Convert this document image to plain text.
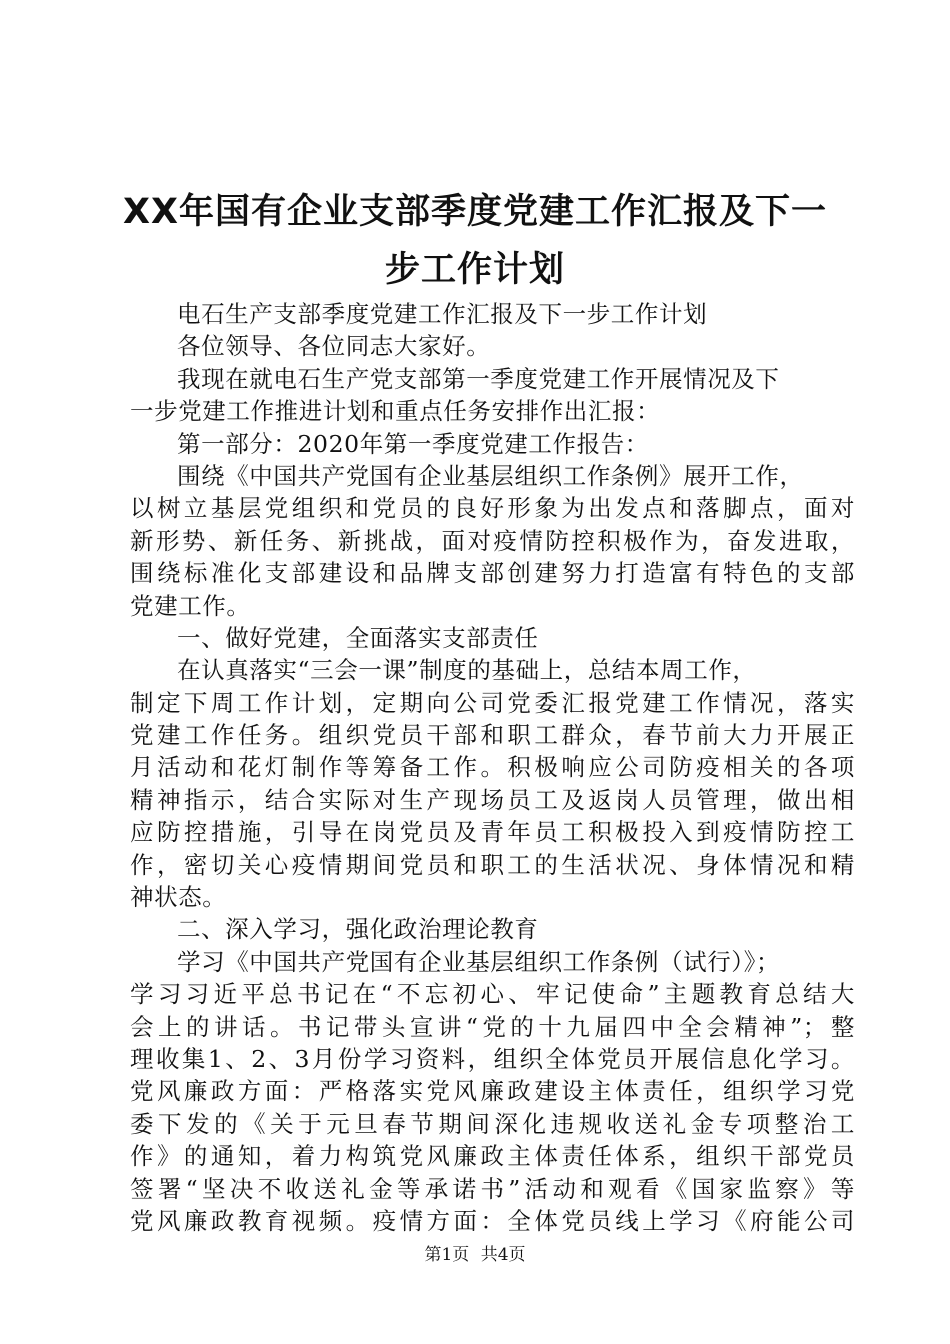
XX年国有企业支部季度党建工作汇报及下一
步工作计划
电石生产支部季度党建工作汇报及下一步工作计划
各位领导、各位同志大家好。
我现在就电石生产党支部第一季度党建工作开展情况及下
一步党建工作推进计划和重点任务安排作出汇报：
第一部分：2020年第一季度党建工作报告：
围绕《中国共产党国有企业基层组织工作条例》展开工作，
以树立基层党组织和党员的良好形象为出发点和落脚点，面对
新形势、新任务、新挑战，面对疫情防控积极作为，奋发进取，
围绕标准化支部建设和品牌支部创建努力打造富有特色的支部
党建工作。
一、做好党建，全面落实支部责任
在认真落实“三会一课”制度的基础上，总结本周工作，
制定下周工作计划，定期向公司党委汇报党建工作情况，落实
党建工作任务。组织党员干部和职工群众，春节前大力开展正
月活动和花灯制作等筹备工作。积极响应公司防疫相关的各项
精神指示，结合实际对生产现场员工及返岗人员管理，做出相
应防控措施，引导在岗党员及青年员工积极投入到疫情防控工
作，密切关心疫情期间党员和职工的生活状况、身体情况和精
神状态。
二、深入学习，强化政治理论教育
学习《中国共产党国有企业基层组织工作条例（试行）》；
学习习近平总书记在“不忘初心、牢记使命”主题教育总结大
会上的讲话。书记带头宣讲“党的十九届四中全会精神”；整
理收集1、2、3月份学习资料，组织全体党员开展信息化学习。
党风廉政方面：严格落实党风廉政建设主体责任，组织学习党
委下发的《关于元旦春节期间深化违规收送礼金专项整治工
作》的通知，着力构筑党风廉政主体责任体系，组织干部党员
签署“坚决不收送礼金等承诺书”活动和观看《国家监察》等
党风廉政教育视频。疫情方面：全体党员线上学习《府能公司
第1页 共4页
